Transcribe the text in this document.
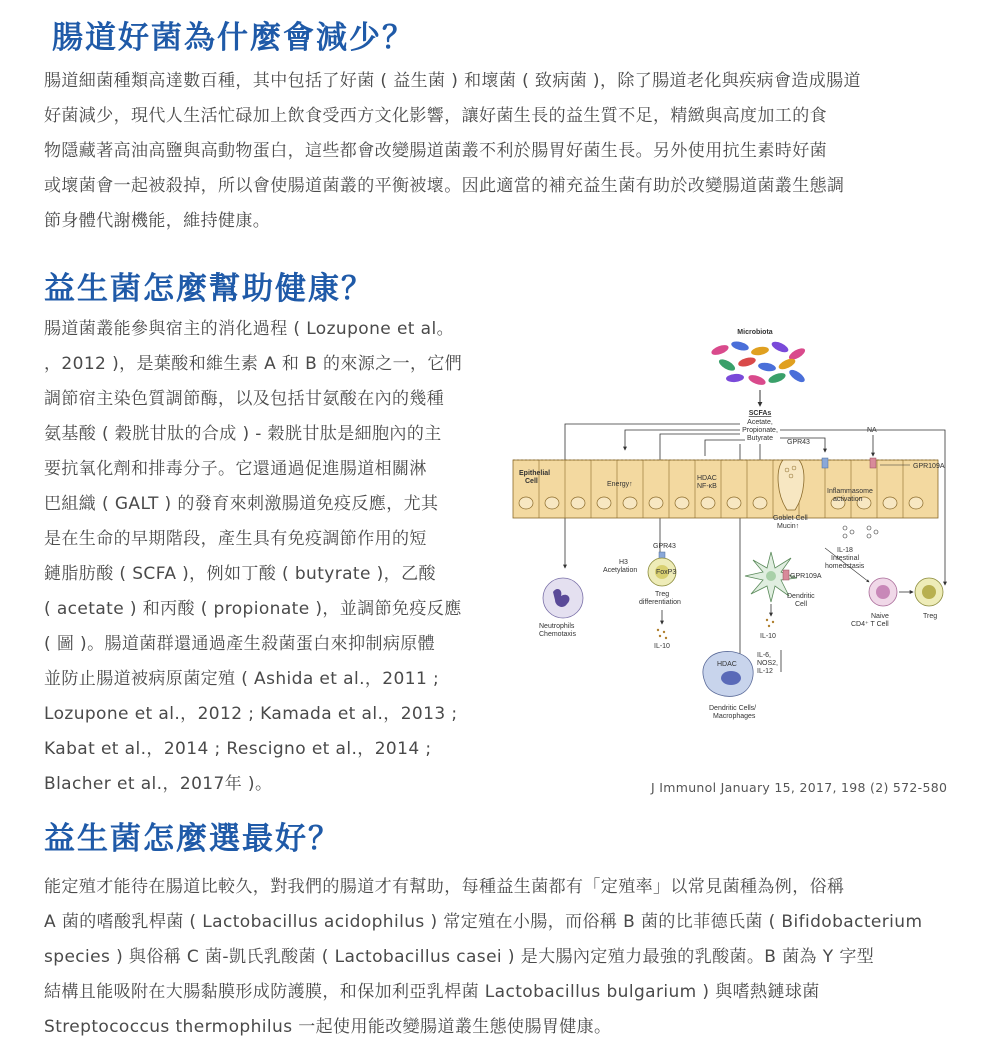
腸道好菌為什麼會減少？
腸道細菌種類高達數百種，其中包括了好菌 ( 益生菌 ) 和壞菌 ( 致病菌 )，除了腸道老化與疾病會造成腸道
好菌減少，現代人生活忙碌加上飲食受西方文化影響，讓好菌生長的益生質不足，精緻與高度加工的食
物隱藏著高油高鹽與高動物蛋白，這些都會改變腸道菌叢不利於腸胃好菌生長。另外使用抗生素時好菌
或壞菌會一起被殺掉，所以會使腸道菌叢的平衡被壞。因此適當的補充益生菌有助於改變腸道菌叢生態調
節身體代謝機能，維持健康。
益生菌怎麼幫助健康？
腸道菌叢能參與宿主的消化過程 ( Lozupone et al。
，2012 )，是葉酸和維生素 A 和 B 的來源之一，它們
調節宿主染色質調節酶，以及包括甘氨酸在內的幾種
氨基酸 ( 穀胱甘肽的合成 ) - 穀胱甘肽是細胞內的主
要抗氧化劑和排毒分子。它還通過促進腸道相關淋
巴組織 ( GALT ) 的發育來刺激腸道免疫反應，尤其
是在生命的早期階段，產生具有免疫調節作用的短
鏈脂肪酸 ( SCFA )，例如丁酸 ( butyrate )，乙酸
( acetate ) 和丙酸 ( propionate )，並調節免疫反應
( 圖 )。腸道菌群還通過產生殺菌蛋白來抑制病原體
並防止腸道被病原菌定殖 ( Ashida et al.，2011 ;
Lozupone et al.，2012 ; Kamada et al.，2013 ;
Kabat et al.，2014 ; Rescigno et al.，2014 ;
Blacher et al.，2017年 )。
Microbiota
SCFAs
Acetate,
Propionate,
Butyrate
GPR43
NA
Epithelial
Cell	Energy↑
HDAC
NF-κB
Inflammasome
activation
GPR109A
Goblet Cell
Mucin↑
IL-18
Intestinal
homeostasis
Neutrophils
Chemotaxis
GPR43
H3
Acetylation	FoxP3
Treg
differentiation
IL-10
GPR109A
Dendritic
Cell
IL-10
Naive
CD4⁺ T Cell
Treg
HDAC
IL-6,
NOS2,
IL-12
Dendritic Cells/
Macrophages
J Immunol January 15, 2017, 198 (2) 572-580
益生菌怎麼選最好？
能定殖才能待在腸道比較久，對我們的腸道才有幫助，每種益生菌都有「定殖率」以常見菌種為例，俗稱
A 菌的嗜酸乳桿菌 ( Lactobacillus acidophilus ) 常定殖在小腸，而俗稱 B 菌的比菲德氏菌 ( Bifidobacterium
species ) 與俗稱 C 菌-凱氏乳酸菌 ( Lactobacillus casei ) 是大腸內定殖力最強的乳酸菌。B 菌為 Y 字型
結構且能吸附在大腸黏膜形成防護膜，和保加利亞乳桿菌 Lactobacillus bulgarium ) 與嗜熱鏈球菌
Streptococcus thermophilus 一起使用能改變腸道叢生態使腸胃健康。
